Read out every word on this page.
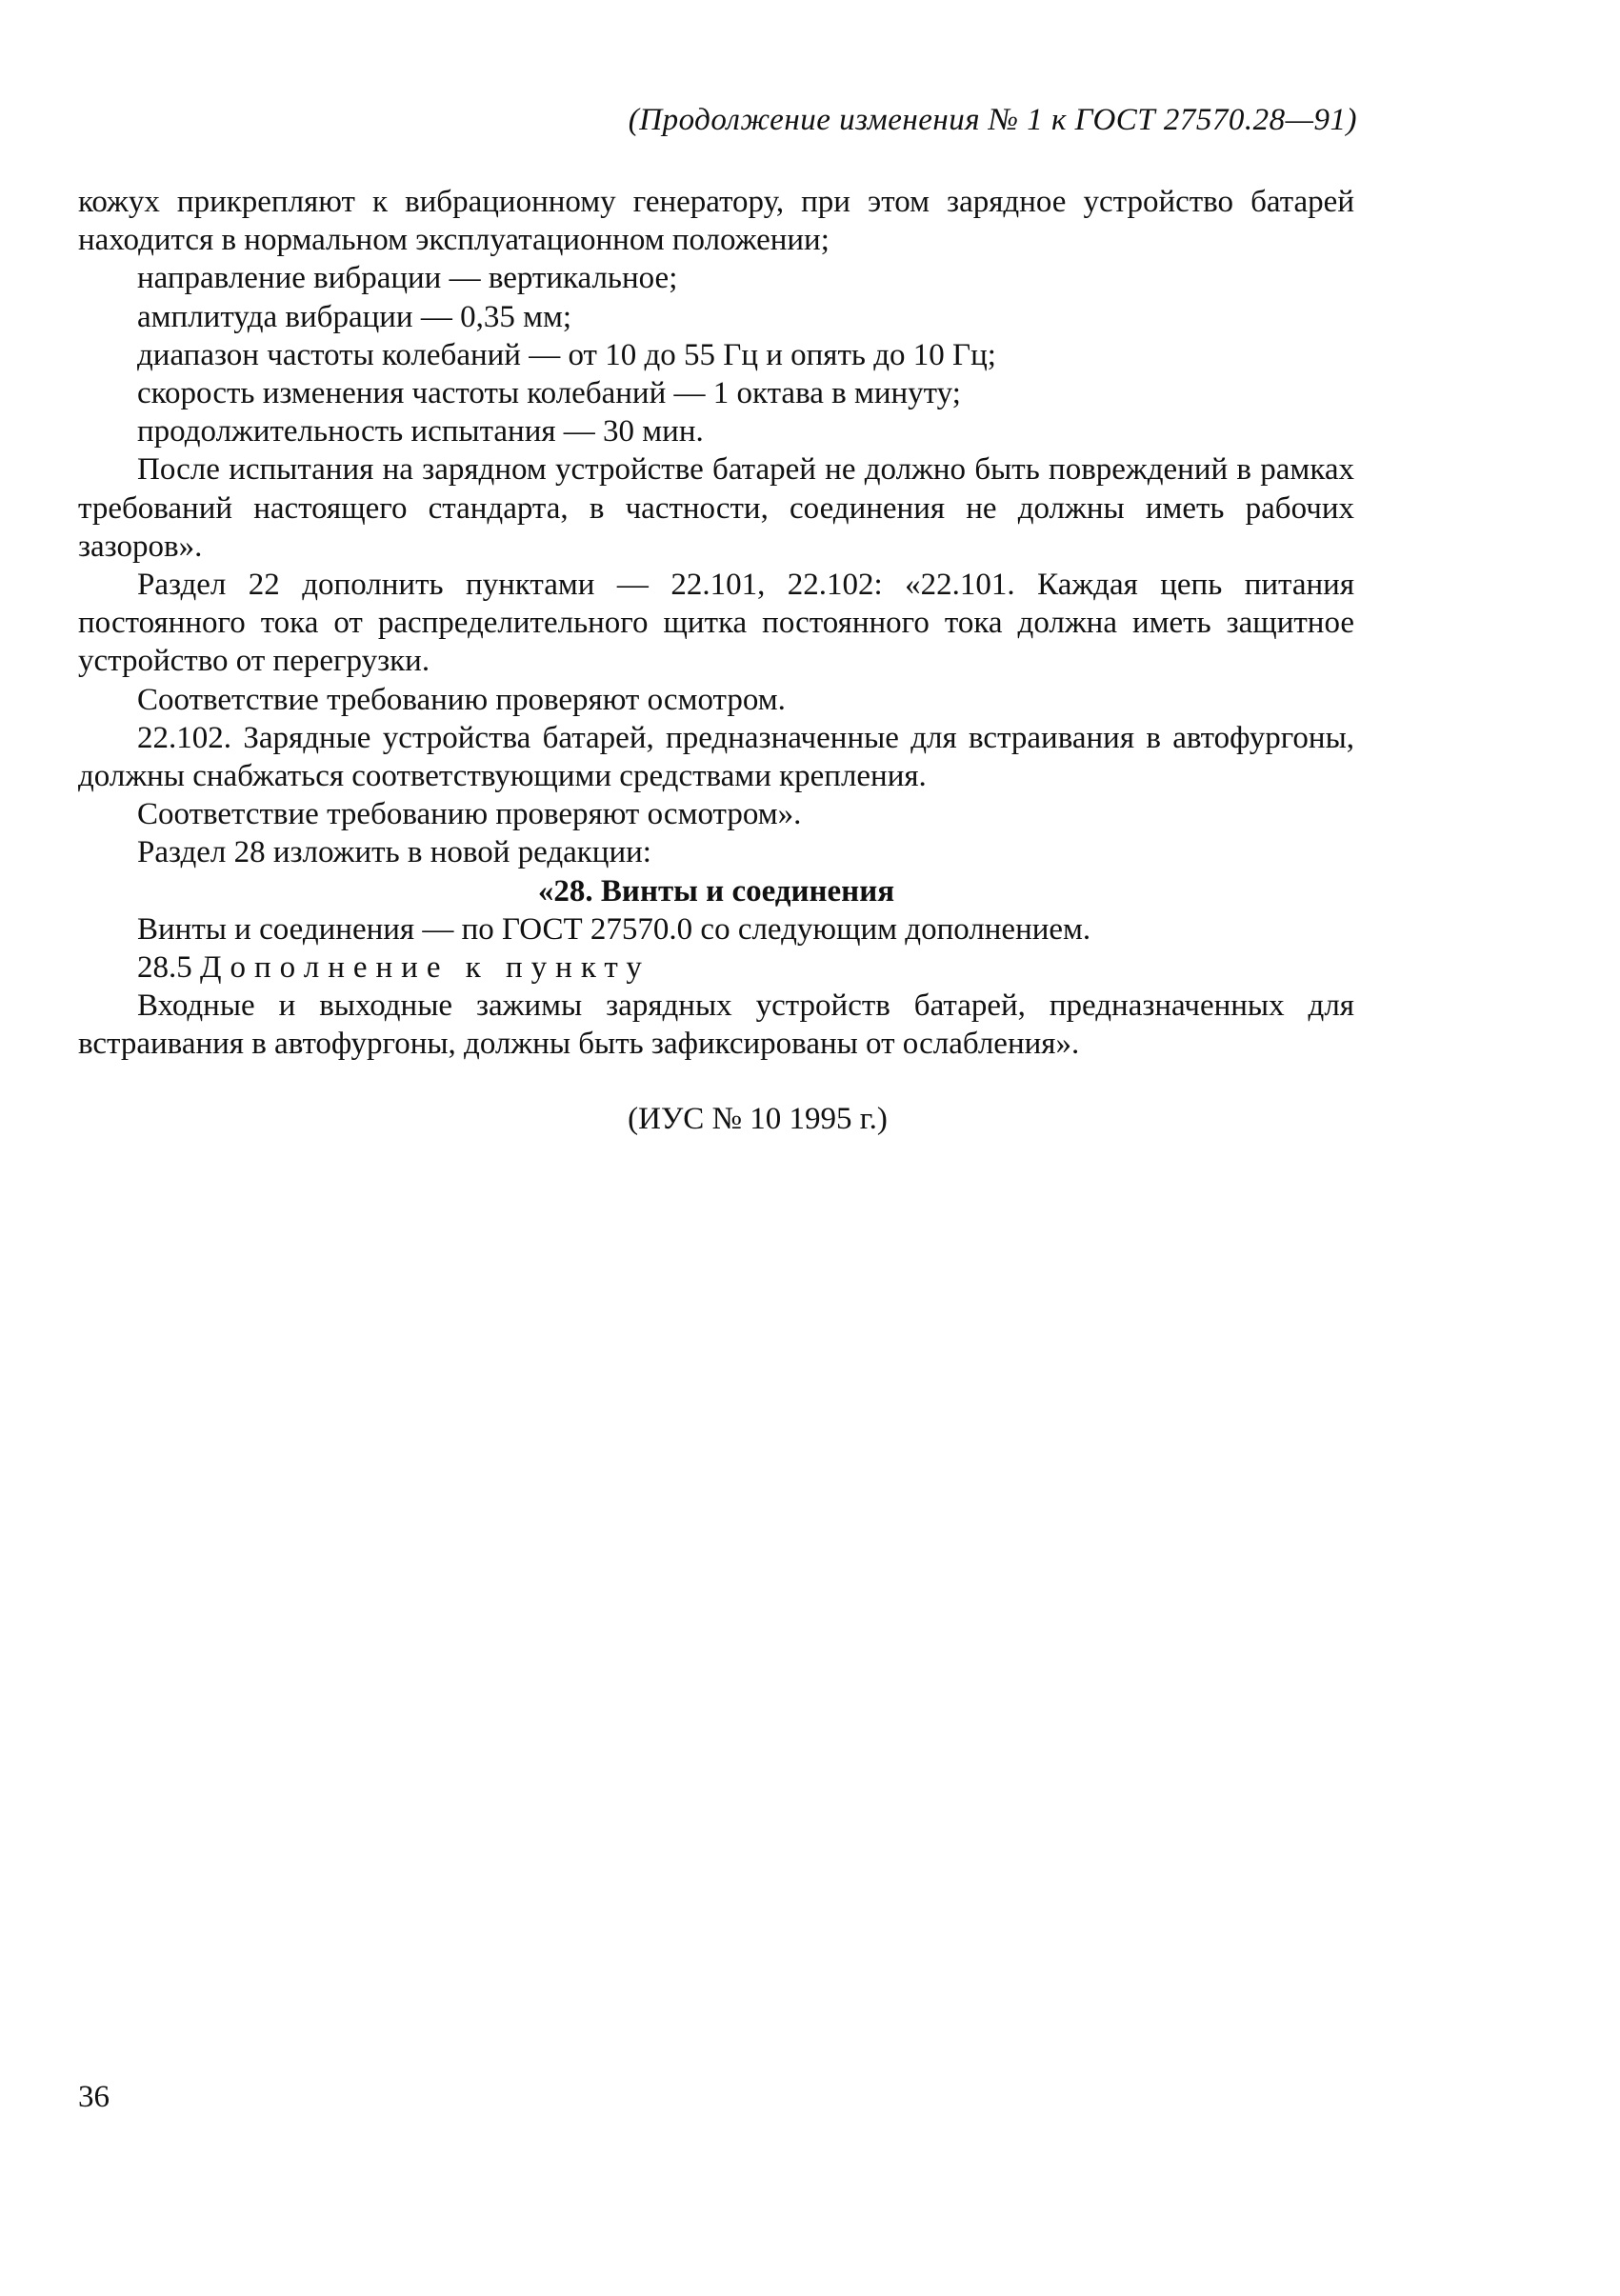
(Продолжение изменения № 1 к ГОСТ 27570.28—91)

кожух прикрепляют к вибрационному генератору, при этом зарядное устройство батарей находится в нормальном эксплуатационном положении;

направление вибрации — вертикальное;

амплитуда вибрации — 0,35 мм;

диапазон частоты колебаний — от 10 до 55 Гц и опять до 10 Гц;

скорость изменения частоты колебаний — 1 октава в минуту;

продолжительность испытания — 30 мин.

После испытания на зарядном устройстве батарей не должно быть повреждений в рамках требований настоящего стандарта, в частности, соединения не должны иметь рабочих зазоров».

Раздел 22 дополнить пунктами — 22.101, 22.102: «22.101. Каждая цепь питания постоянного тока от распределительного щитка постоянного тока должна иметь защитное устройство от перегрузки.

Соответствие требованию проверяют осмотром.

22.102. Зарядные устройства батарей, предназначенные для встраивания в автофургоны, должны снабжаться соответствующими средствами крепления.

Соответствие требованию проверяют осмотром».

Раздел 28 изложить в новой редакции:

«28. Винты и соединения

Винты и соединения — по ГОСТ 27570.0 со следующим дополнением.

28.5 Дополнение к пункту

Входные и выходные зажимы зарядных устройств батарей, предназначенных для встраивания в автофургоны, должны быть зафиксированы от ослабления».

(ИУС № 10 1995 г.)
36
